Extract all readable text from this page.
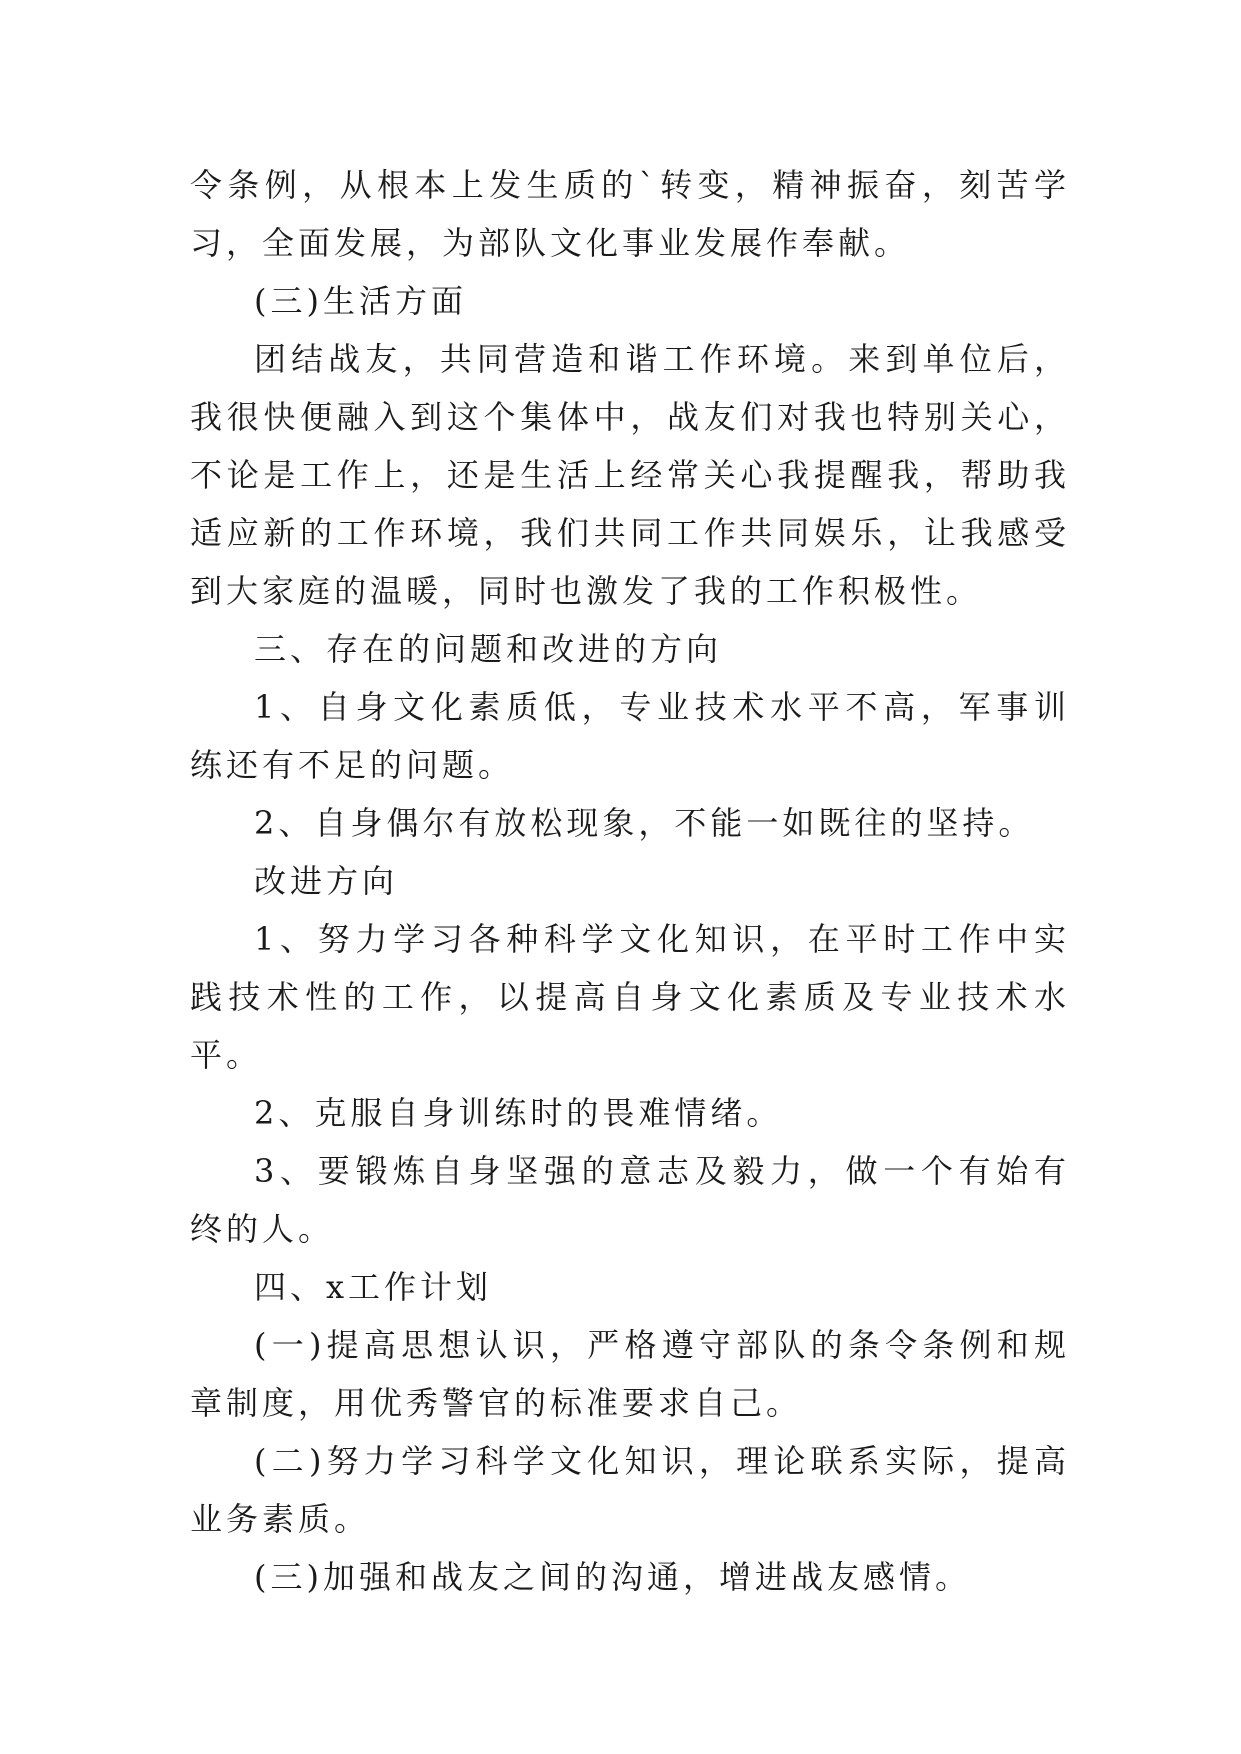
令条例，从根本上发生质的`转变，精神振奋，刻苦学习，全面发展，为部队文化事业发展作奉献。

(三)生活方面

团结战友，共同营造和谐工作环境。来到单位后，我很快便融入到这个集体中，战友们对我也特别关心，不论是工作上，还是生活上经常关心我提醒我，帮助我适应新的工作环境，我们共同工作共同娱乐，让我感受到大家庭的温暖，同时也激发了我的工作积极性。

三、存在的问题和改进的方向

1、自身文化素质低，专业技术水平不高，军事训练还有不足的问题。

2、自身偶尔有放松现象，不能一如既往的坚持。

改进方向

1、努力学习各种科学文化知识，在平时工作中实践技术性的工作，以提高自身文化素质及专业技术水平。

2、克服自身训练时的畏难情绪。

3、要锻炼自身坚强的意志及毅力，做一个有始有终的人。

四、x工作计划

(一)提高思想认识，严格遵守部队的条令条例和规章制度，用优秀警官的标准要求自己。

(二)努力学习科学文化知识，理论联系实际，提高业务素质。

(三)加强和战友之间的沟通，增进战友感情。
